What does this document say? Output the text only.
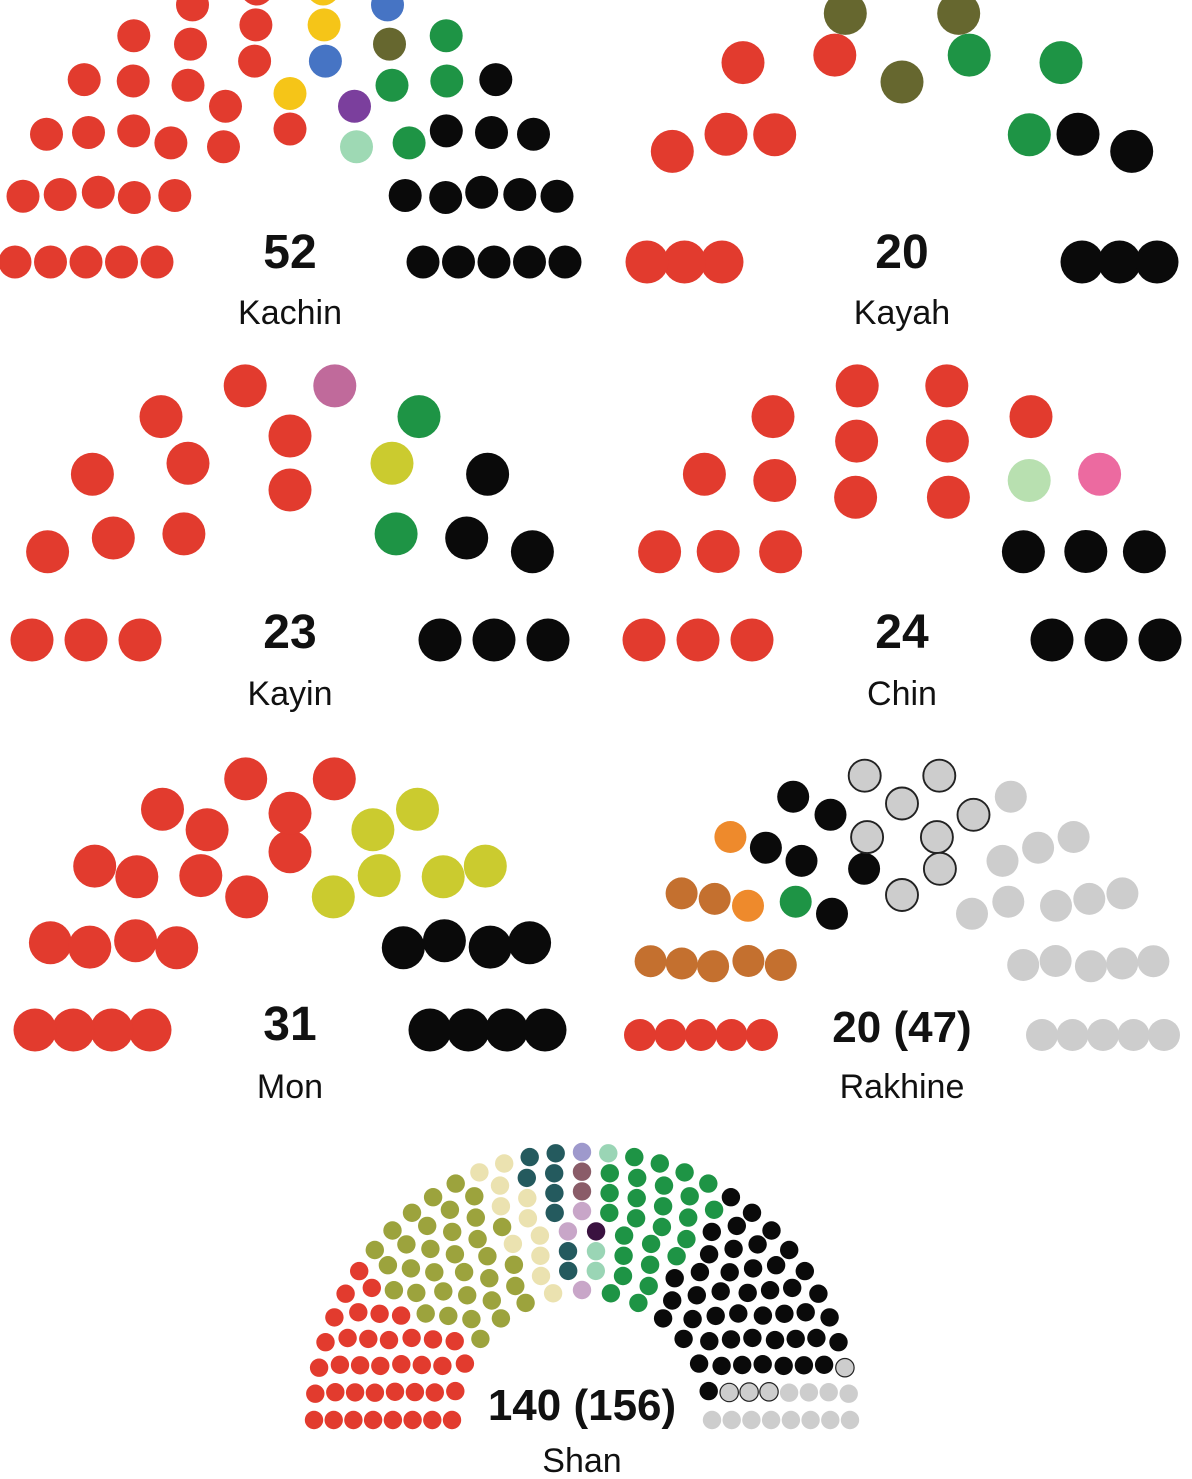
52
Kachin
20
Kayah
23
Kayin
24
Chin
31
Mon
20 (47)
Rakhine
140 (156)
Shan
